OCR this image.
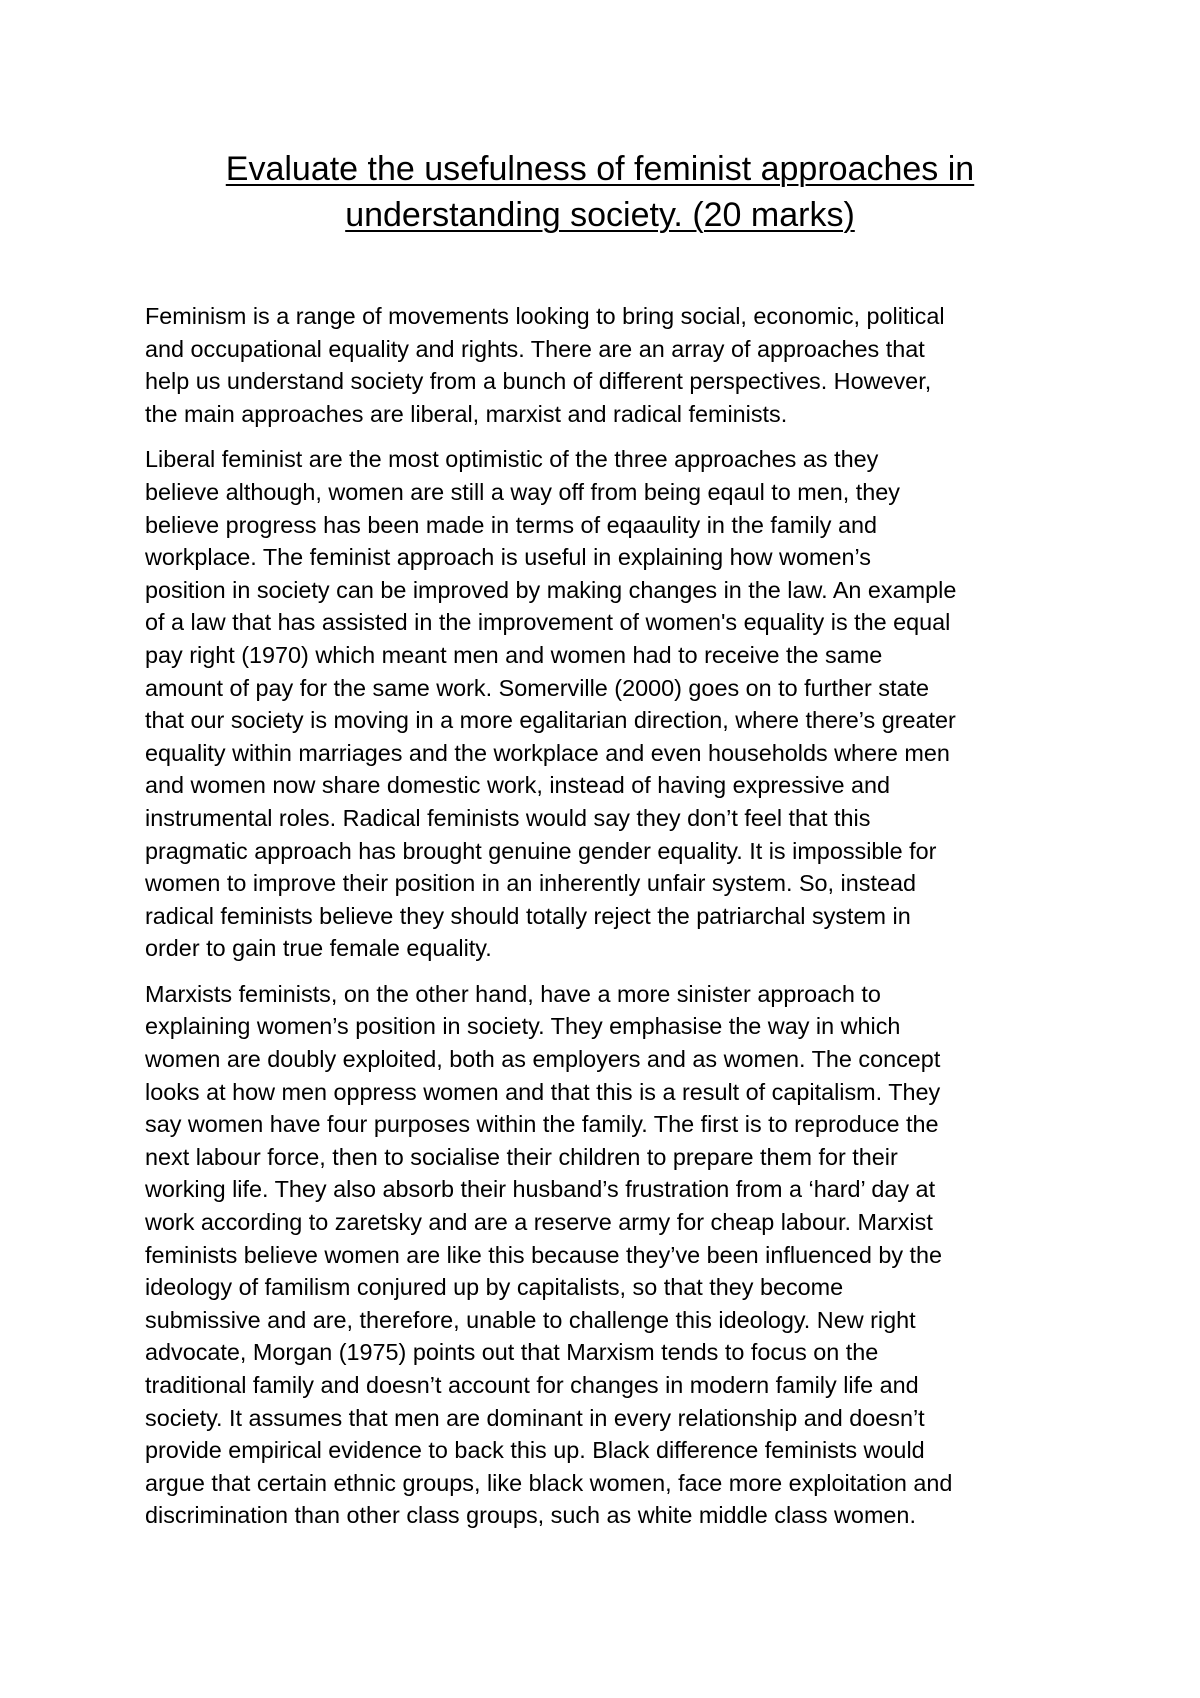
Evaluate the usefulness of feminist approaches in
understanding society. (20 marks)

Feminism is a range of movements looking to bring social, economic, political
and occupational equality and rights. There are an array of approaches that
help us understand society from a bunch of different perspectives. However,
the main approaches are liberal, marxist and radical feminists.

Liberal feminist are the most optimistic of the three approaches as they
believe although, women are still a way off from being eqaul to men, they
believe progress has been made in terms of eqaaulity in the family and
workplace. The feminist approach is useful in explaining how women’s
position in society can be improved by making changes in the law. An example
of a law that has assisted in the improvement of women's equality is the equal
pay right (1970) which meant men and women had to receive the same
amount of pay for the same work. Somerville (2000) goes on to further state
that our society is moving in a more egalitarian direction, where there’s greater
equality within marriages and the workplace and even households where men
and women now share domestic work, instead of having expressive and
instrumental roles. Radical feminists would say they don’t feel that this
pragmatic approach has brought genuine gender equality. It is impossible for
women to improve their position in an inherently unfair system. So, instead
radical feminists believe they should totally reject the patriarchal system in
order to gain true female equality.

Marxists feminists, on the other hand, have a more sinister approach to
explaining women’s position in society. They emphasise the way in which
women are doubly exploited, both as employers and as women. The concept
looks at how men oppress women and that this is a result of capitalism. They
say women have four purposes within the family. The first is to reproduce the
next labour force, then to socialise their children to prepare them for their
working life. They also absorb their husband’s frustration from a ‘hard’ day at
work according to zaretsky and are a reserve army for cheap labour. Marxist
feminists believe women are like this because they’ve been influenced by the
ideology of familism conjured up by capitalists, so that they become
submissive and are, therefore, unable to challenge this ideology. New right
advocate, Morgan (1975) points out that Marxism tends to focus on the
traditional family and doesn’t account for changes in modern family life and
society. It assumes that men are dominant in every relationship and doesn’t
provide empirical evidence to back this up. Black difference feminists would
argue that certain ethnic groups, like black women, face more exploitation and
discrimination than other class groups, such as white middle class women.
